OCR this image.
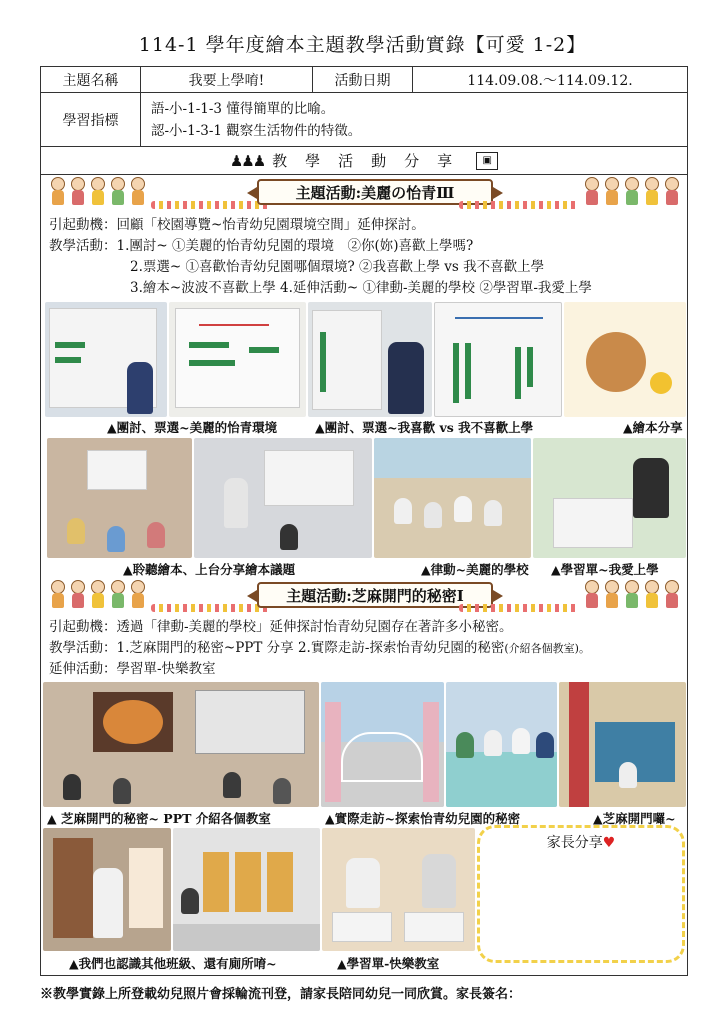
114-1 學年度繪本主題教學活動實錄【可愛 1-2】
主題名稱	我要上學唷!	活動日期	114.09.08.～114.09.12.
學習指標
語-小-1-1-3 懂得簡單的比喻。
認-小-1-3-1 觀察生活物件的特徵。
♟♟♟ 教學活動分享	▣
主題活動:美麗の怡青Ⅲ
引起動機：回顧「校園導覽~怡青幼兒園環境空間」延伸探討。
教學活動：1.團討~ ①美麗的怡青幼兒園的環境　②你(妳)喜歡上學嗎?
2.票選~ ①喜歡怡青幼兒園哪個環境? ②我喜歡上學 vs 我不喜歡上學
3.繪本~波波不喜歡上學 4.延伸活動~ ①律動-美麗的學校 ②學習單-我愛上學
▲團討、票選~美麗的怡青環境	▲團討、票選~我喜歡 vs 我不喜歡上學	▲繪本分享
▲聆聽繪本、上台分享繪本議題	▲律動~美麗的學校 ▲學習單~我愛上學
主題活動:芝麻開門的秘密Ⅰ
引起動機：透過「律動-美麗的學校」延伸探討怡青幼兒園存在著許多小秘密。
教學活動：1.芝麻開門的秘密~PPT 分享 2.實際走訪-探索怡青幼兒園的秘密(介紹各個教室)。
延伸活動：學習單-快樂教室
▲ 芝麻開門的秘密~ PPT 介紹各個教室	▲實際走訪~探索怡青幼兒園的秘密	▲芝麻開門囉~
▲我們也認識其他班級、還有廁所唷~	▲學習單-快樂教室
家長分享♥
※教學實錄上所登載幼兒照片會採輪流刊登，請家長陪同幼兒一同欣賞。家長簽名：
